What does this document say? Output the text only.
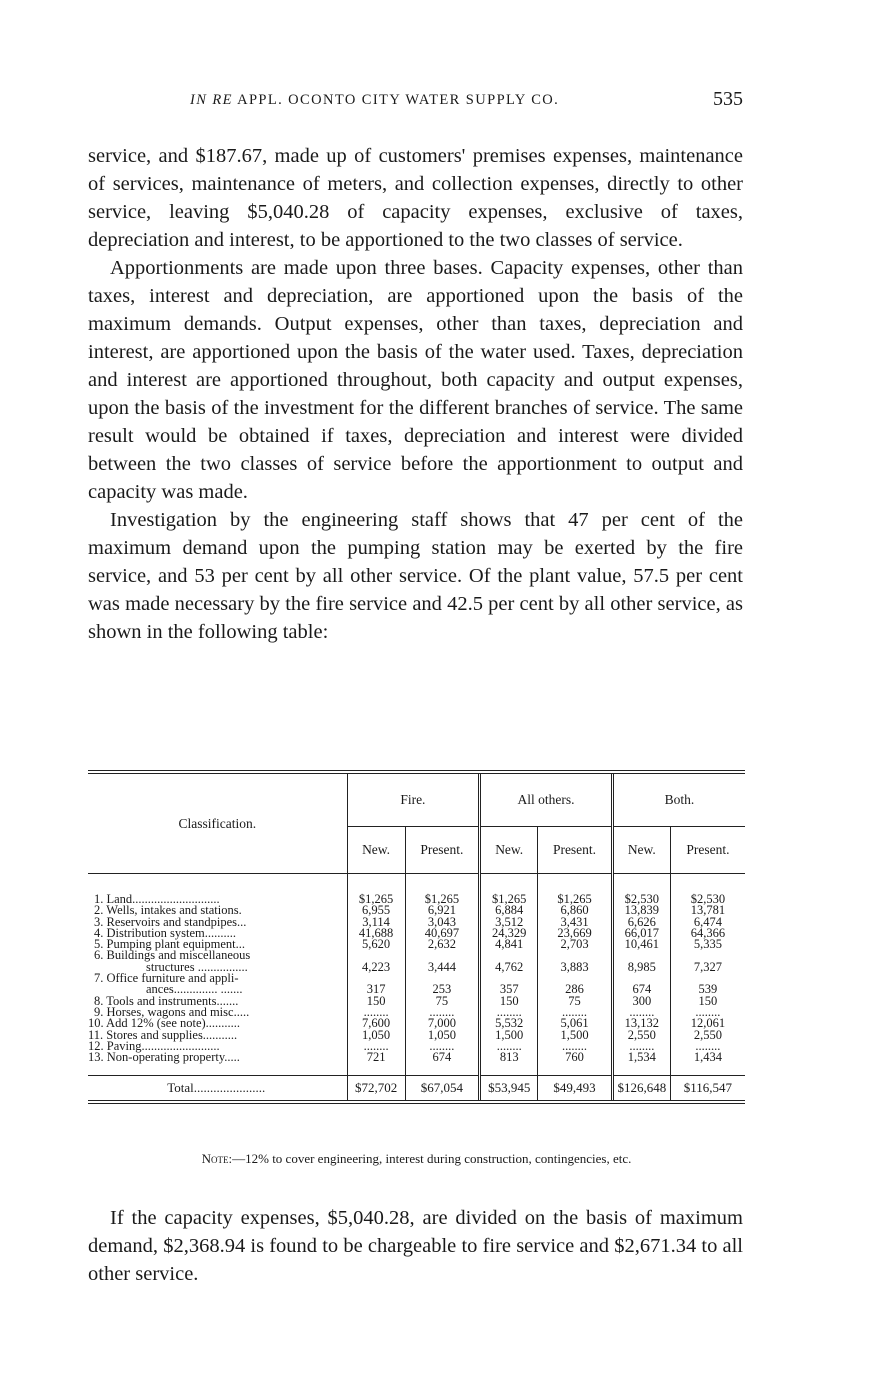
IN RE APPL. OCONTO CITY WATER SUPPLY CO.	535

service, and $187.67, made up of customers' premises expenses, maintenance of services, maintenance of meters, and collection expenses, directly to other service, leaving $5,040.28 of capacity expenses, exclusive of taxes, depreciation and interest, to be apportioned to the two classes of service.

Apportionments are made upon three bases. Capacity expenses, other than taxes, interest and depreciation, are apportioned upon the basis of the maximum demands. Output expenses, other than taxes, depreciation and interest, are apportioned upon the basis of the water used. Taxes, depreciation and interest are apportioned throughout, both capacity and output expenses, upon the basis of the investment for the different branches of service. The same result would be obtained if taxes, depreciation and interest were divided between the two classes of service before the apportionment to output and capacity was made.

Investigation by the engineering staff shows that 47 per cent of the maximum demand upon the pumping station may be exerted by the fire service, and 53 per cent by all other service. Of the plant value, 57.5 per cent was made necessary by the fire service and 42.5 per cent by all other service, as shown in the following table:

Classification.	Fire.		All others.		Both.	
	New.	Present.	New.	Present.	New.	Present.
1. Land............................	$1,265	$1,265	$1,265	$1,265	$2,530	$2,530
2. Wells, intakes and stations.	6,955	6,921	6,884	6,860	13,839	13,781
3. Reservoirs and standpipes...	3,114	3,043	3,512	3,431	6,626	6,474
4. Distribution system..........	41,688	40,697	24,329	23,669	66,017	64,366
5. Pumping plant equipment...	5,620	2,632	4,841	2,703	10,461	5,335
6. Buildings and miscellaneous						
structures ................	4,223	3,444	4,762	3,883	8,985	7,327
7. Office furniture and appli-						
ances.............. .......	317	253	357	286	674	539
8. Tools and instruments.......	150	75	150	75	300	150
9. Horses, wagons and misc.....	........	........	........	........	........	........
10. Add 12% (see note)...........	7,600	7,000	5,532	5,061	13,132	12,061
11. Stores and supplies...........	1,050	1,050	1,500	1,500	2,550	2,550
12. Paving.........................	........	........	........	........	........	........
13. Non-operating property.....	721	674	813	760	1,534	1,434

Total......................	$72,702	$67,054	$53,945	$49,493	$126,648	$116,547
Note:—12% to cover engineering, interest during construction, contingencies, etc.

If the capacity expenses, $5,040.28, are divided on the basis of maximum demand, $2,368.94 is found to be chargeable to fire service and $2,671.34 to all other service.
